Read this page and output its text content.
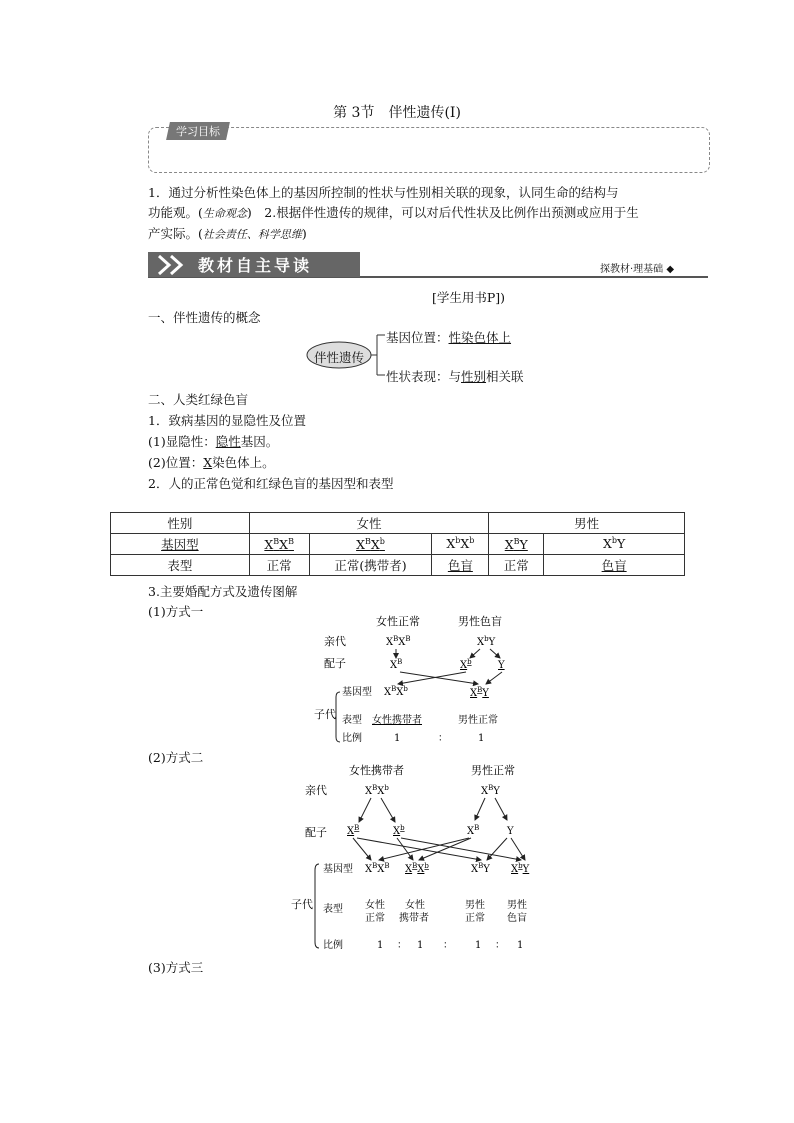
第 3节　伴性遗传(Ⅰ)
学习目标
1．通过分析性染色体上的基因所控制的性状与性别相关联的现象，认同生命的结构与
功能观。(生命观念)　2.根据伴性遗传的规律，可以对后代性状及比例作出预测或应用于生
产实际。(社会责任、科学思维)
教材自主导读	探教材·理基础 ◆
[学生用书P])
一、伴性遗传的概念
伴性遗传
基因位置：性染色体上
性状表现：与性别相关联
二、人类红绿色盲
1．致病基因的显隐性及位置
(1)显隐性：隐性基因。
(2)位置：X染色体上。
2．人的正常色觉和红绿色盲的基因型和表型
性别	女性			男性	
基因型	$X^BX^B$	$X^BX^b$	$X^bX^b$	$X^BY$	$X^bY$
表型	正常	正常(携带者)	色盲	正常	色盲
3.主要婚配方式及遗传图解
(1)方式一
女性正常	男性色盲
亲代
配子
$X^BX^B$	$X^bY$
$X^B$	$X^b$	Y
子代
基因型 $X^BX^b$	$X^BY$
表型 女性携带者	男性正常
比例	1	：	1
(2)方式二
女性携带者	男性正常
亲代
配子
$X^BX^b$	$X^BY$
$X^B$	$X^b$	$X^B$	Y
子代
基因型 $X^BX^B$ $X^BX^b$	$X^BY$ $X^bY$
表型 女性
正常
女性
携带者
男性
正常
男性
色盲
比例	1 ： 1 ： 1 ： 1
(3)方式三
